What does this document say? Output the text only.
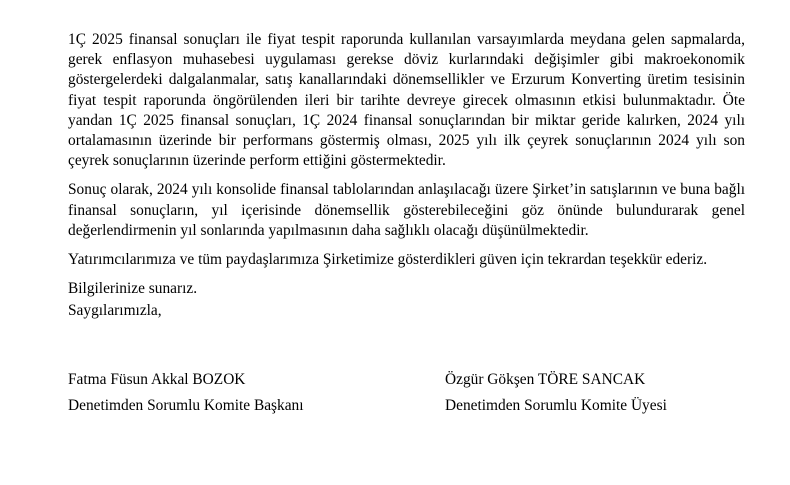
1Ç 2025 finansal sonuçları ile fiyat tespit raporunda kullanılan varsayımlarda meydana gelen sapmalarda, gerek enflasyon muhasebesi uygulaması gerekse döviz kurlarındaki değişimler gibi makroekonomik göstergelerdeki dalgalanmalar, satış kanallarındaki dönemsellikler ve Erzurum Konverting üretim tesisinin fiyat tespit raporunda öngörülenden ileri bir tarihte devreye girecek olmasının etkisi bulunmaktadır. Öte yandan 1Ç 2025 finansal sonuçları, 1Ç 2024 finansal sonuçlarından bir miktar geride kalırken, 2024 yılı ortalamasının üzerinde bir performans göstermiş olması, 2025 yılı ilk çeyrek sonuçlarının 2024 yılı son çeyrek sonuçlarının üzerinde perform ettiğini göstermektedir.

Sonuç olarak, 2024 yılı konsolide finansal tablolarından anlaşılacağı üzere Şirket’in satışlarının ve buna bağlı finansal sonuçların, yıl içerisinde dönemsellik gösterebileceğini göz önünde bulundurarak genel değerlendirmenin yıl sonlarında yapılmasının daha sağlıklı olacağı düşünülmektedir.

Yatırımcılarımıza ve tüm paydaşlarımıza Şirketimize gösterdikleri güven için tekrardan teşekkür ederiz.

Bilgilerinize sunarız.

Saygılarımızla,

Fatma Füsun Akkal BOZOK
Denetimden Sorumlu Komite Başkanı
Özgür Gökşen TÖRE SANCAK
Denetimden Sorumlu Komite Üyesi
